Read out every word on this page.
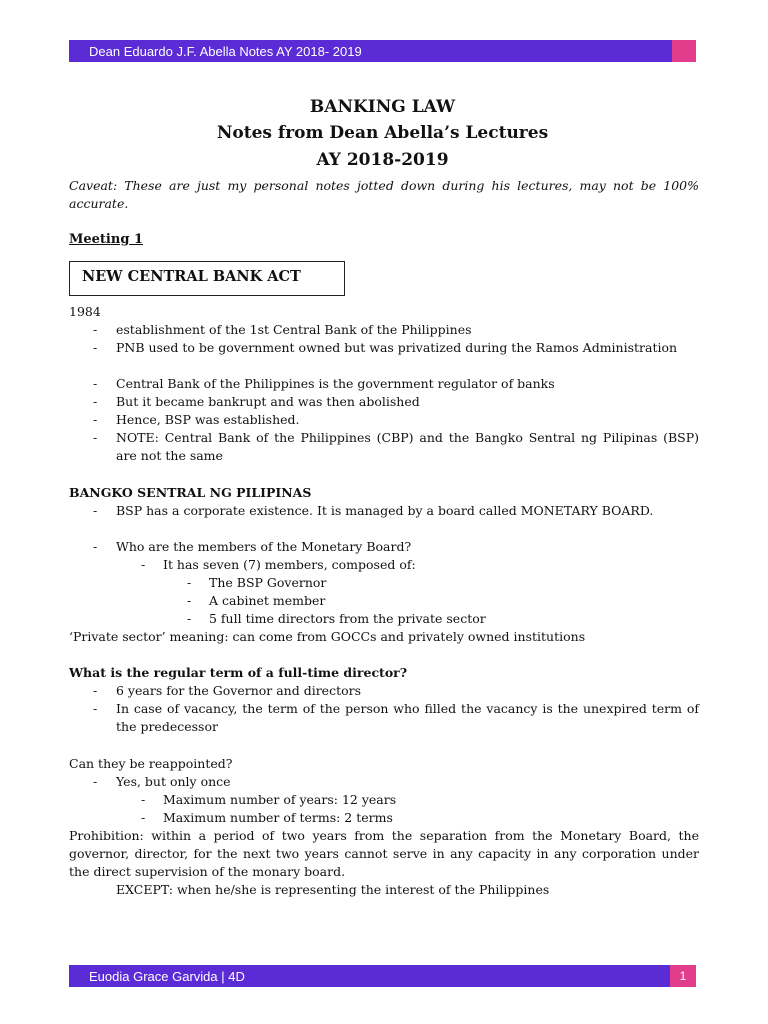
Dean Eduardo J.F. Abella Notes AY 2018- 2019
BANKING LAW
Notes from Dean Abella’s Lectures
AY 2018-2019
Caveat: These are just my personal notes jotted down during his lectures, may not be 100% accurate.
Meeting 1
NEW CENTRAL BANK ACT
1984
- establishment of the 1st Central Bank of the Philippines
- PNB used to be government owned but was privatized during the Ramos Administration
- Central Bank of the Philippines is the government regulator of banks
- But it became bankrupt and was then abolished
- Hence, BSP was established.
- NOTE: Central Bank of the Philippines (CBP) and the Bangko Sentral ng Pilipinas (BSP) are not the same
BANGKO SENTRAL NG PILIPINAS
- BSP has a corporate existence. It is managed by a board called MONETARY BOARD.
- Who are the members of the Monetary Board?
- It has seven (7) members, composed of:
- The BSP Governor
- A cabinet member
- 5 full time directors from the private sector
‘Private sector’ meaning: can come from GOCCs and privately owned institutions
What is the regular term of a full-time director?
- 6 years for the Governor and directors
- In case of vacancy, the term of the person who filled the vacancy is the unexpired term of the predecessor
Can they be reappointed?
- Yes, but only once
- Maximum number of years: 12 years
- Maximum number of terms: 2 terms
Prohibition: within a period of two years from the separation from the Monetary Board, the governor, director, for the next two years cannot serve in any capacity in any corporation under the direct supervision of the monary board.
EXCEPT: when he/she is representing the interest of the Philippines
Euodia Grace Garvida | 4D	1
